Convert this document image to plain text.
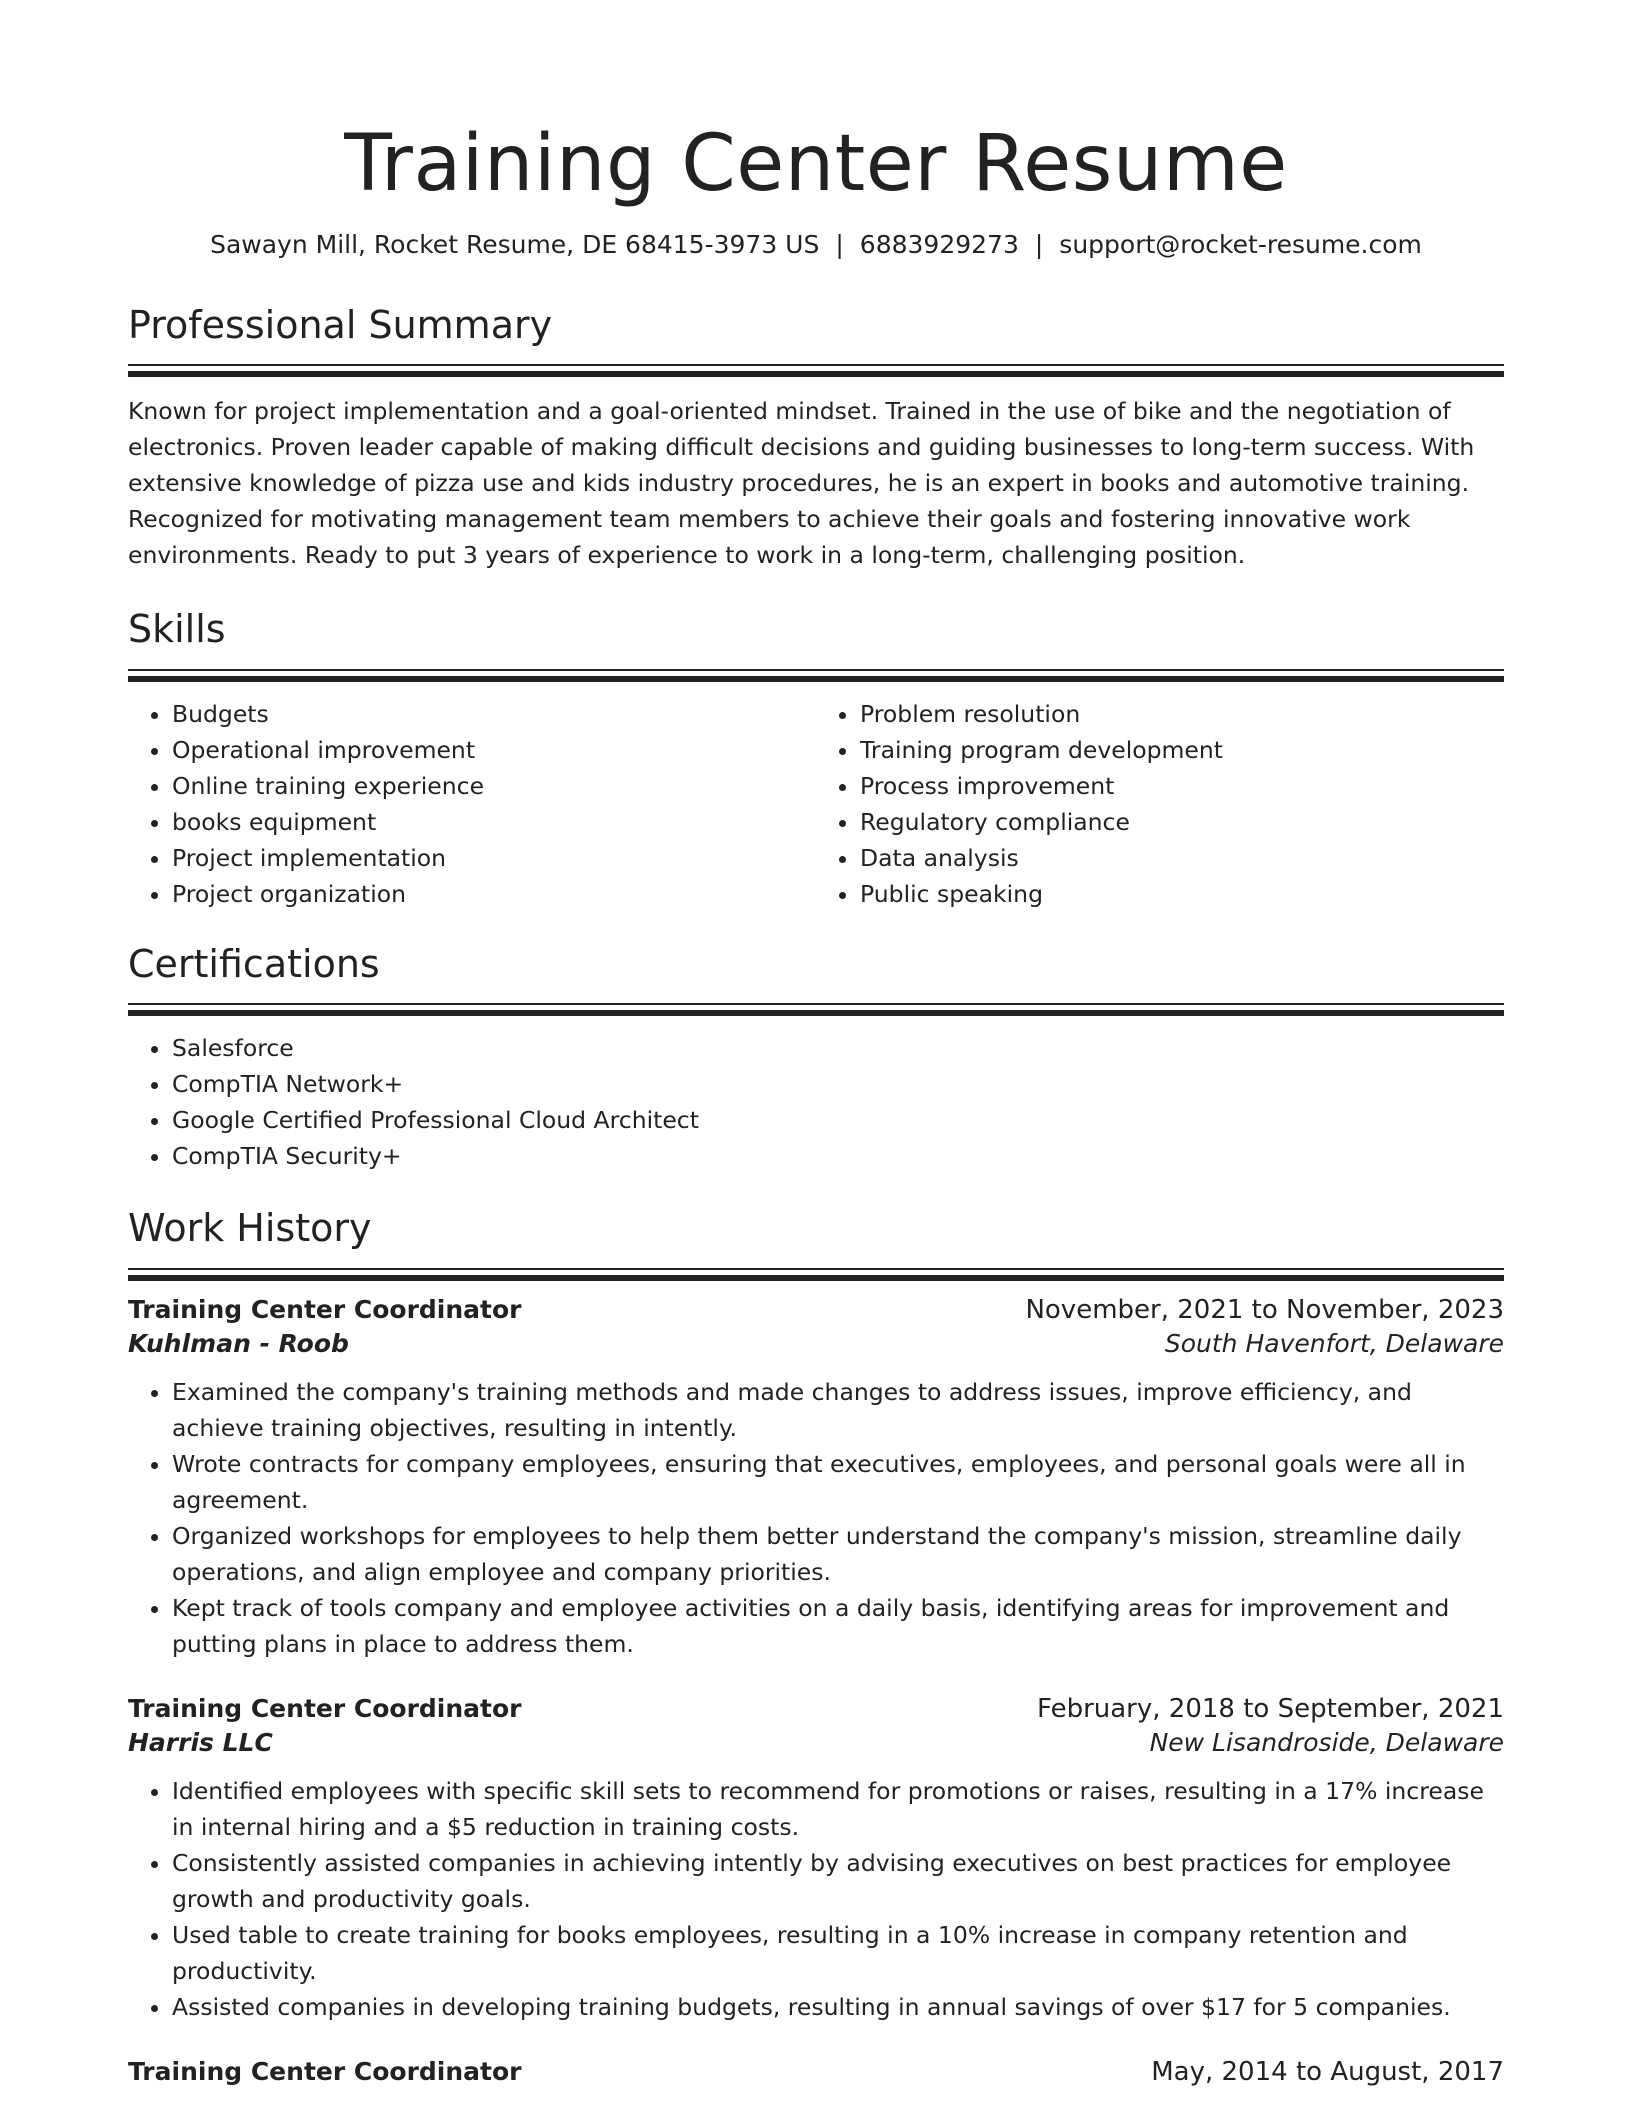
Training Center Resume
Sawayn Mill, Rocket Resume, DE 68415-3973 US | 6883929273 | support@rocket-resume.com
Professional Summary

Known for project implementation and a goal-oriented mindset. Trained in the use of bike and the negotiation of electronics. Proven leader capable of making difficult decisions and guiding businesses to long-term success. With extensive knowledge of pizza use and kids industry procedures, he is an expert in books and automotive training. Recognized for motivating management team members to achieve their goals and fostering innovative work environments. Ready to put 3 years of experience to work in a long-term, challenging position.

Skills
• Budgets
• Operational improvement
• Online training experience
• books equipment
• Project implementation
• Project organization
• Problem resolution
• Training program development
• Process improvement
• Regulatory compliance
• Data analysis
• Public speaking
Certifications
• Salesforce
• CompTIA Network+
• Google Certified Professional Cloud Architect
• CompTIA Security+
Work History
Training Center Coordinator	November, 2021 to November, 2023
Kuhlman - Roob	South Havenfort, Delaware
• Examined the company's training methods and made changes to address issues, improve efficiency, and achieve training objectives, resulting in intently.
• Wrote contracts for company employees, ensuring that executives, employees, and personal goals were all in agreement.
• Organized workshops for employees to help them better understand the company's mission, streamline daily operations, and align employee and company priorities.
• Kept track of tools company and employee activities on a daily basis, identifying areas for improvement and putting plans in place to address them.
Training Center Coordinator	February, 2018 to September, 2021
Harris LLC	New Lisandroside, Delaware
• Identified employees with specific skill sets to recommend for promotions or raises, resulting in a 17% increase in internal hiring and a $5 reduction in training costs.
• Consistently assisted companies in achieving intently by advising executives on best practices for employee growth and productivity goals.
• Used table to create training for books employees, resulting in a 10% increase in company retention and productivity.
• Assisted companies in developing training budgets, resulting in annual savings of over $17 for 5 companies.
Training Center Coordinator	May, 2014 to August, 2017
